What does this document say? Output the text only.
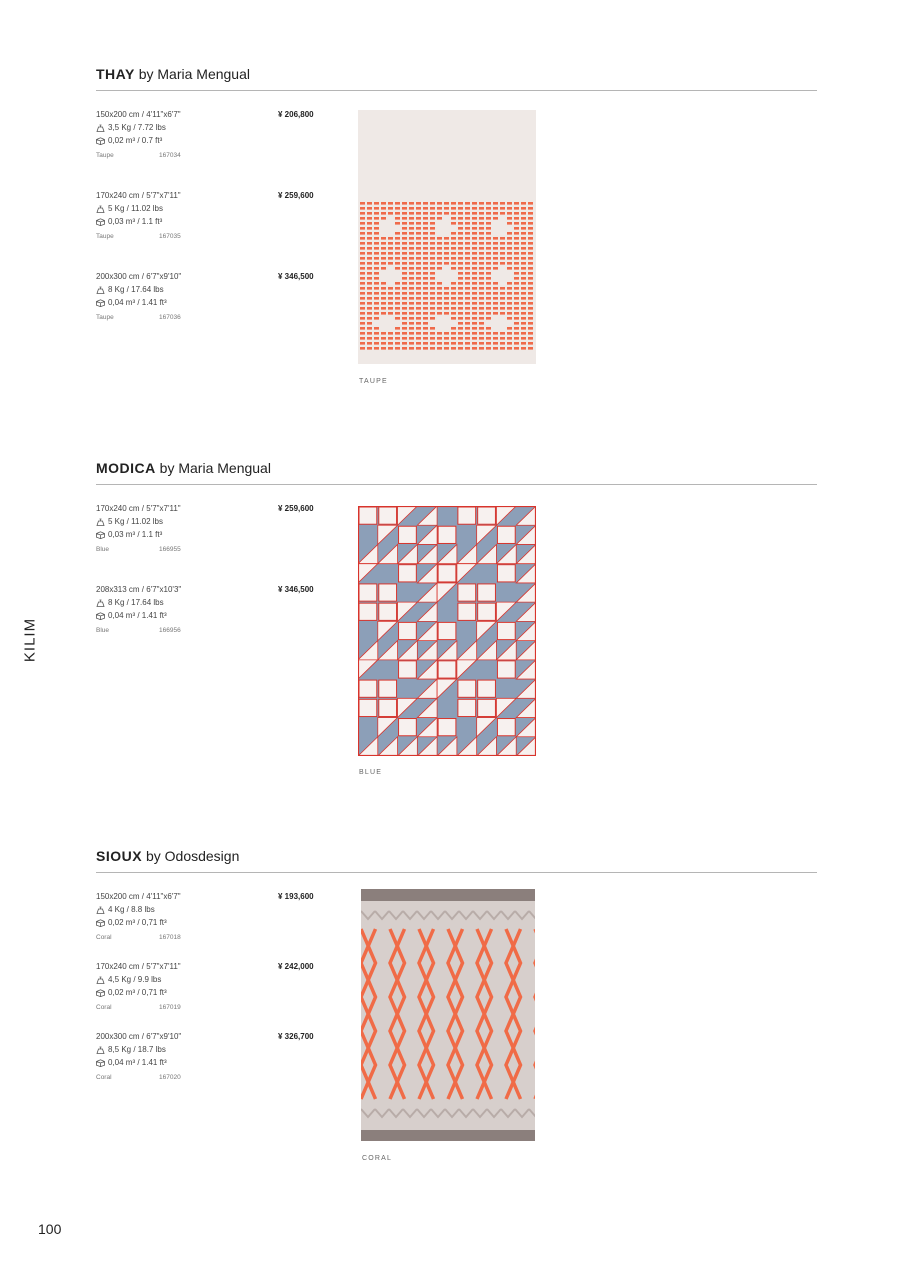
THAY by Maria Mengual
150x200 cm / 4'11"x6'7"	¥ 206,800
3,5 Kg / 7.72 lbs
0,02 m³ / 0.7 ft³
Taupe	167034
170x240 cm / 5'7"x7'11"	¥ 259,600
5 Kg / 11.02 lbs
0,03 m³ / 1.1 ft³
Taupe	167035
200x300 cm / 6'7"x9'10"	¥ 346,500
8 Kg / 17.64 lbs
0,04 m³ / 1.41 ft³
Taupe	167036
TAUPE
MODICA by Maria Mengual
170x240 cm / 5'7"x7'11"	¥ 259,600
5 Kg / 11.02 lbs
0,03 m³ / 1.1 ft³
Blue	166955
208x313 cm / 6'7"x10'3"	¥ 346,500
8 Kg / 17.64 lbs
0,04 m³ / 1.41 ft³
Blue	166956
BLUE
KILIM
SIOUX by Odosdesign
150x200 cm / 4'11"x6'7"	¥ 193,600
4 Kg / 8.8 lbs
0,02 m³ / 0,71 ft³
Coral	167018
170x240 cm / 5'7"x7'11"	¥ 242,000
4,5 Kg / 9.9 lbs
0,02 m³ / 0,71 ft³
Coral	167019
200x300 cm / 6'7"x9'10"	¥ 326,700
8,5 Kg / 18.7 lbs
0,04 m³ / 1.41 ft³
Coral	167020
CORAL
100
